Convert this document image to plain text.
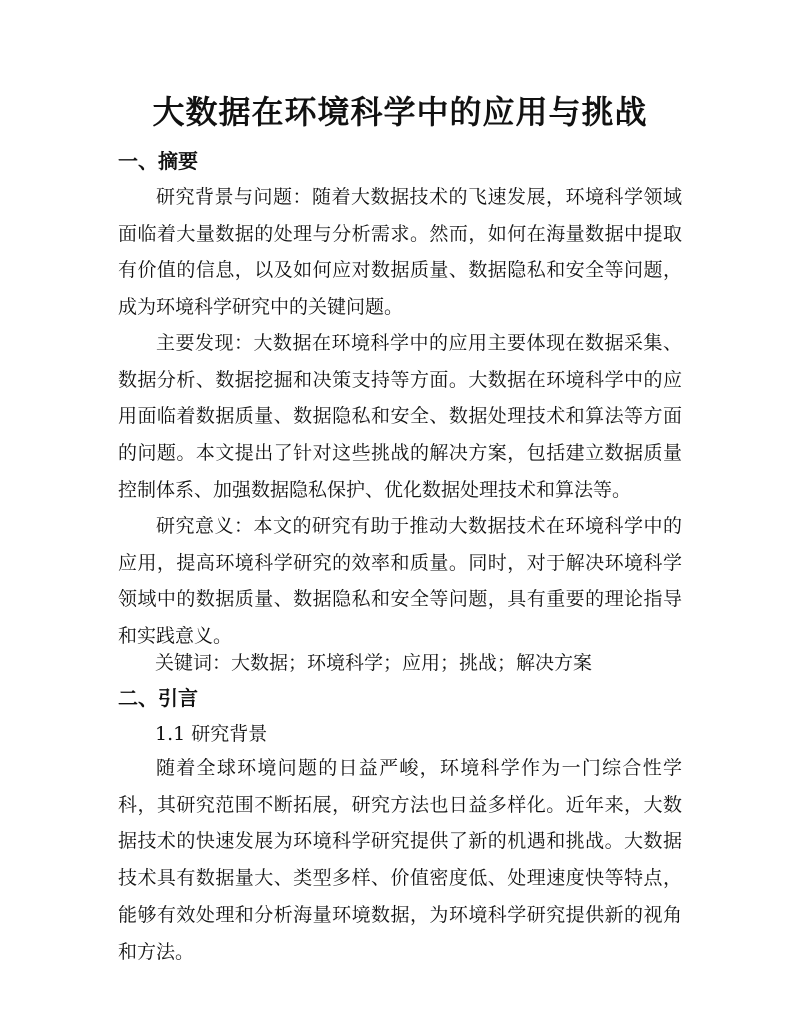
大数据在环境科学中的应用与挑战
一、摘要

研究背景与问题：随着大数据技术的飞速发展，环境科学领域面临着大量数据的处理与分析需求。然而，如何在海量数据中提取有价值的信息，以及如何应对数据质量、数据隐私和安全等问题，成为环境科学研究中的关键问题。

主要发现：大数据在环境科学中的应用主要体现在数据采集、数据分析、数据挖掘和决策支持等方面。大数据在环境科学中的应用面临着数据质量、数据隐私和安全、数据处理技术和算法等方面的问题。本文提出了针对这些挑战的解决方案，包括建立数据质量控制体系、加强数据隐私保护、优化数据处理技术和算法等。

研究意义：本文的研究有助于推动大数据技术在环境科学中的应用，提高环境科学研究的效率和质量。同时，对于解决环境科学领域中的数据质量、数据隐私和安全等问题，具有重要的理论指导和实践意义。

关键词：大数据；环境科学；应用；挑战；解决方案
二、引言
1.1 研究背景

随着全球环境问题的日益严峻，环境科学作为一门综合性学科，其研究范围不断拓展，研究方法也日益多样化。近年来，大数据技术的快速发展为环境科学研究提供了新的机遇和挑战。大数据技术具有数据量大、类型多样、价值密度低、处理速度快等特点，能够有效处理和分析海量环境数据，为环境科学研究提供新的视角和方法。
